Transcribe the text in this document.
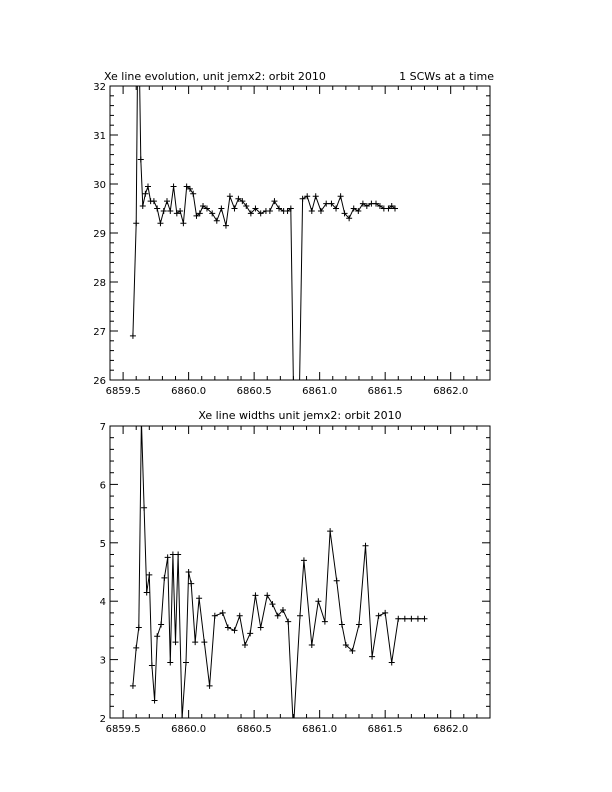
Xe line evolution, unit jemx2: orbit 2010	1 SCWs at a time
6859.5	6860.0	6860.5	6861.0	6861.5	6862.0
26
27
28
29
30
31
32
Xe line widths unit jemx2: orbit 2010
6859.5	6860.0	6860.5	6861.0	6861.5	6862.0
2
3
4
5
6
7
